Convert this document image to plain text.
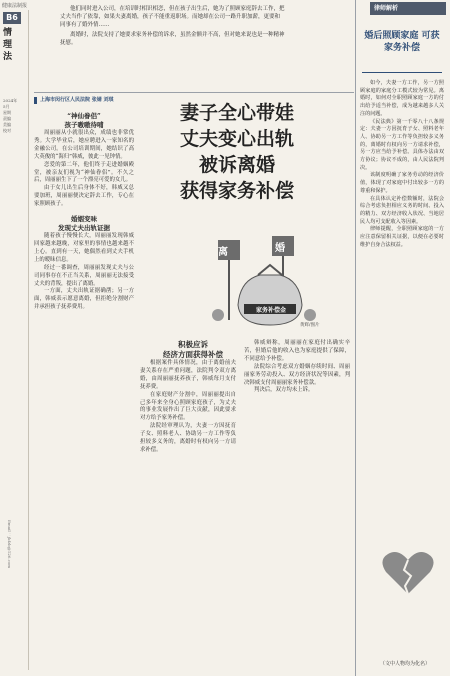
健康法制报
B6
情
理
法
2024年
5月
星期
责编
美编
校对
Email ：jkfzb@126.com

他们同时进入公司，在培训时相识相恋，但在孩子出生后，她为了照顾家庭辞去工作，把丈夫当作了依靠，如果夫妻离婚，孩子不能重返职场。而她却在公司一路升职加薪，更要和同事有了婚外情……

离婚时，法院支持了她要求家务补偿的诉求，虽然金额并不高，但对她来说也是一种精神抚慰。

上海市闵行区人民法院 张婧 刘琪

“神仙眷侣”

孩子嗷嗷待哺

周丽丽从小就很出众，成绩也非常优秀。大学毕业后，她应聘进入一家知名的金融公司。在公司培训期间，她结识了高大英俊的“海归”韩威，彼此一见钟情。

恋爱的第二年，他们终于走进婚姻殿堂，被亲友们视为“神仙眷侣”。不久之后，周丽丽生下了一个漂亮可爱的女儿。

由于女儿出生后身体不好，韩威又总要加班，周丽丽便决定辞去工作，专心在家照顾孩子。

婚姻变味

发现丈夫出轨证据

随着孩子慢慢长大，周丽丽发现韩威回家越来越晚，对家里的事情也越来越不上心。直到有一天，她偶然看到丈夫手机上的暧昧信息。

经过一番调查，周丽丽发现丈夫与公司同事存在不正当关系，周丽丽无法接受丈夫的背叛，提出了离婚。

一方面，丈夫出轨证据确凿；另一方面，韩威表示愿意离婚，但拒绝分割财产并承担孩子抚养费用。

妻子全心带娃
丈夫变心出轨
被诉离婚
获得家务补偿
离	婚
家务补偿金
黄辉/图片

积极应诉

经济方面获得补偿

根据案件具体情况，由于离婚前夫妻关系存在严重问题，法院判令双方离婚，由周丽丽抚养孩子，韩威每月支付抚养费。

在家庭财产分割中，周丽丽提出自己多年来全身心照顾家庭孩子，为丈夫的事业发展作出了巨大贡献，因此要求对方给予家务补偿。

法院经审理认为，夫妻一方因抚育子女、照料老人、协助另一方工作等负担较多义务的，离婚时有权向另一方请求补偿。

韩威辩称，周丽丽在家庭付出确实辛苦，但婚后他的收入也为家庭提供了保障，不同意给予补偿。

法院综合考虑双方婚姻存续时间、周丽丽家务劳动投入、双方经济状况等因素，判决韩威支付周丽丽家务补偿款。

判决后，双方均未上诉。

律师解析
婚后照顾家庭 可获家务补偿

如今，夫妻一方工作，另一方照顾家庭的家庭分工模式较为常见。离婚时，如何对全职照顾家庭一方的付出给予适当补偿，成为越来越多人关注的问题。

《民法典》第一千零八十八条规定：夫妻一方因抚育子女、照料老年人、协助另一方工作等负担较多义务的，离婚时有权向另一方请求补偿，另一方应当给予补偿。具体办法由双方协议；协议不成的，由人民法院判决。

该制度明确了家务劳动的经济价值，体现了对家庭中付出较多一方的尊重和保护。

在具体认定补偿数额时，法院会综合考虑负担相应义务的时间、投入的精力、双方经济收入状况、当地居民人均可支配收入等因素。

律师提醒，全职照顾家庭的一方应注意保留相关证据，以便在必要时维护自身合法权益。

（文中人物均为化名）
